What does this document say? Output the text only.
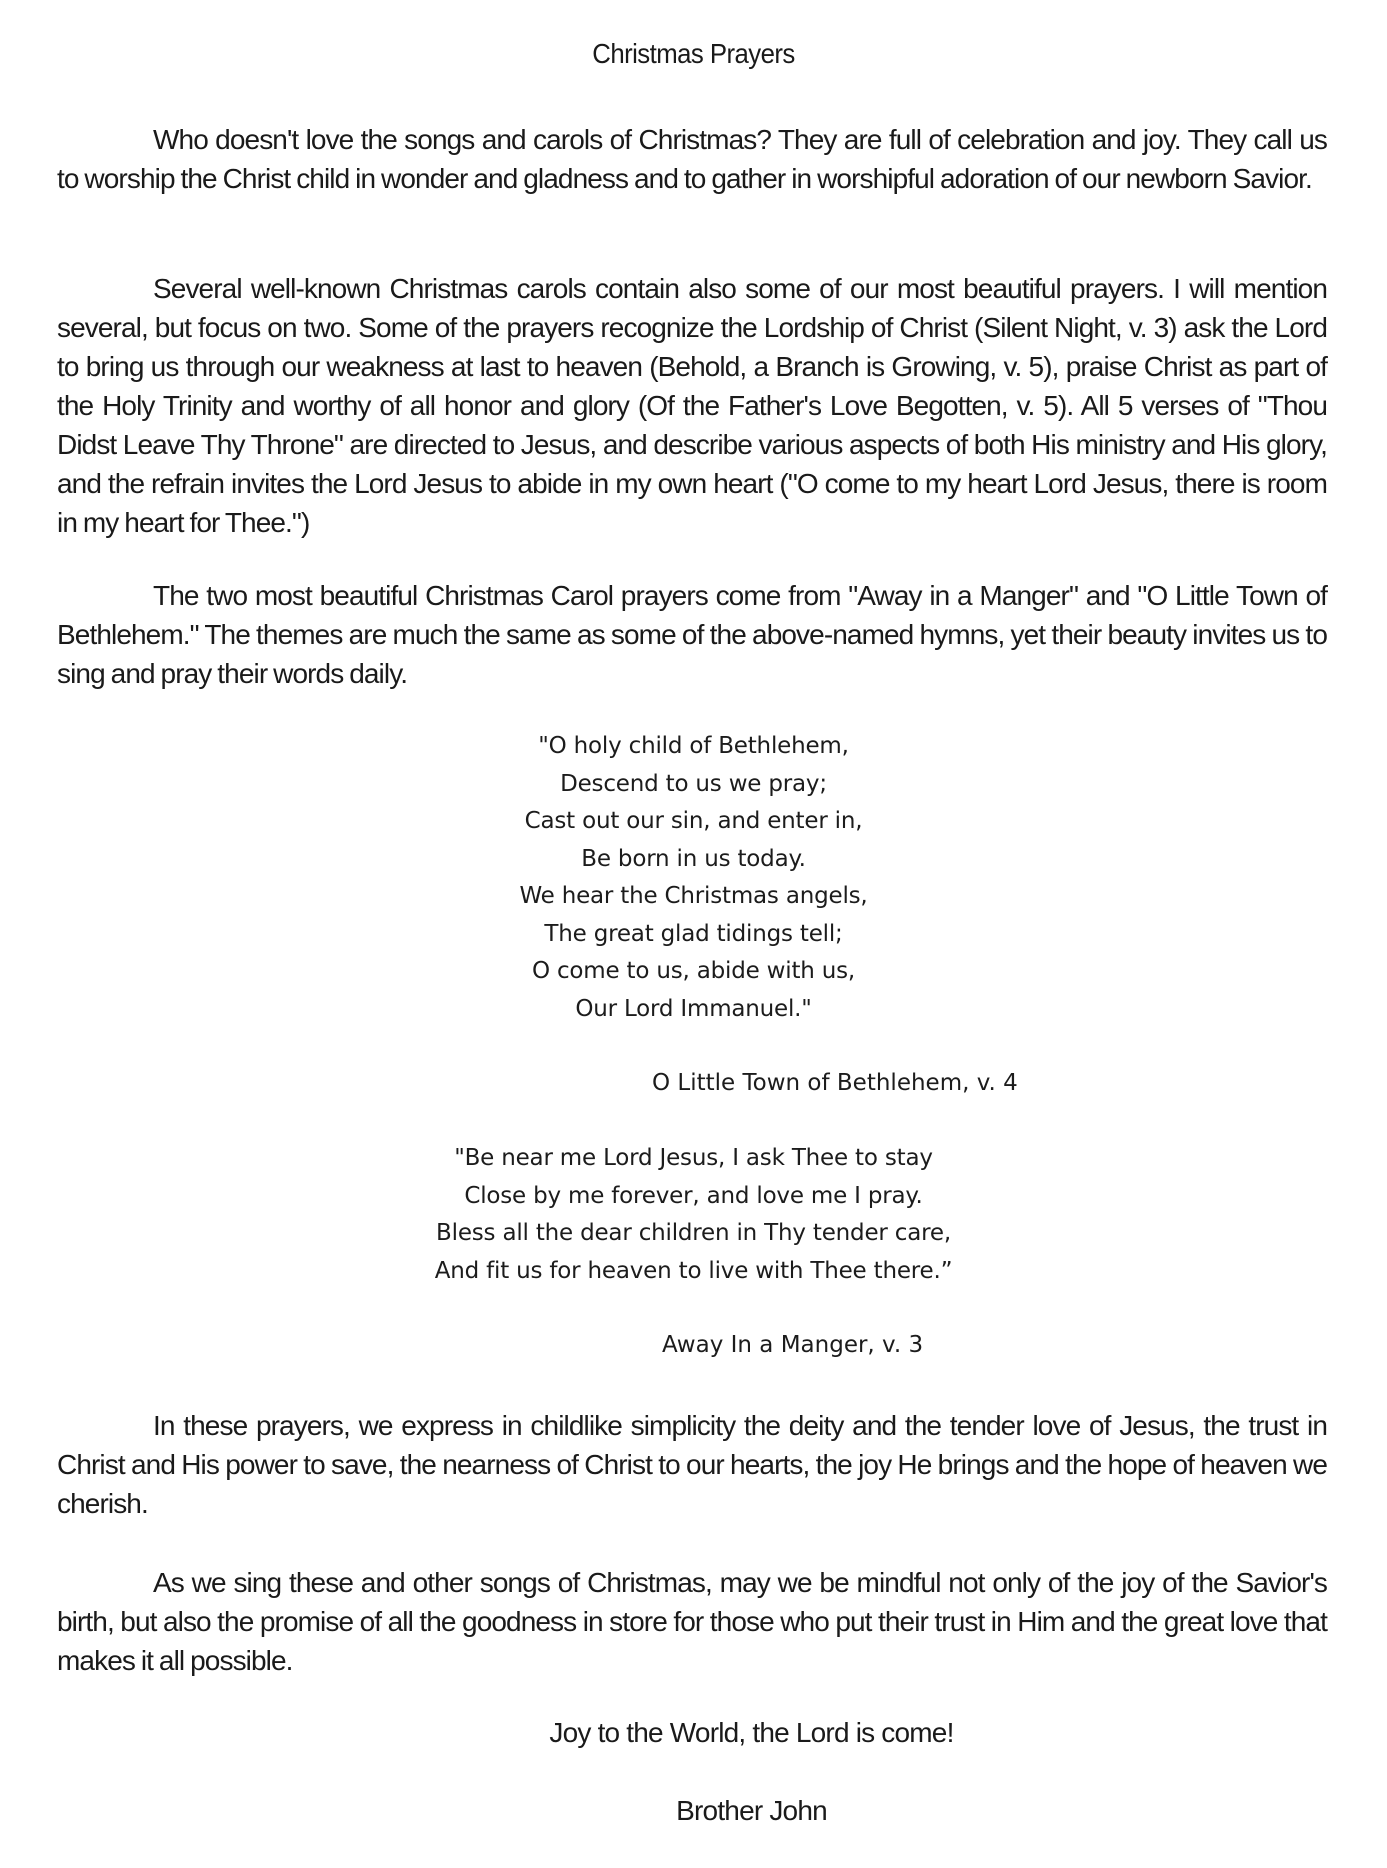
Christmas Prayers

Who doesn't love the songs and carols of Christmas? They are full of celebration and joy. They call us to worship the Christ child in wonder and gladness and to gather in worshipful adoration of our newborn Savior.

Several well-known Christmas carols contain also some of our most beautiful prayers. I will mention several, but focus on two. Some of the prayers recognize the Lordship of Christ (Silent Night, v. 3) ask the Lord to bring us through our weakness at last to heaven (Behold, a Branch is Growing, v. 5), praise Christ as part of the Holy Trinity and worthy of all honor and glory (Of the Father's Love Begotten, v. 5). All 5 verses of "Thou Didst Leave Thy Throne" are directed to Jesus, and describe various aspects of both His ministry and His glory, and the refrain invites the Lord Jesus to abide in my own heart ("O come to my heart Lord Jesus, there is room in my heart for Thee.")

The two most beautiful Christmas Carol prayers come from "Away in a Manger" and "O Little Town of Bethlehem." The themes are much the same as some of the above-named hymns, yet their beauty invites us to sing and pray their words daily.

"O holy child of Bethlehem,
Descend to us we pray;
Cast out our sin, and enter in,
Be born in us today.
We hear the Christmas angels,
The great glad tidings tell;
O come to us, abide with us,
Our Lord Immanuel."
O Little Town of Bethlehem, v. 4
"Be near me Lord Jesus, I ask Thee to stay
Close by me forever, and love me I pray.
Bless all the dear children in Thy tender care,
And fit us for heaven to live with Thee there.”
Away In a Manger, v. 3

In these prayers, we express in childlike simplicity the deity and the tender love of Jesus, the trust in Christ and His power to save, the nearness of Christ to our hearts, the joy He brings and the hope of heaven we cherish.

As we sing these and other songs of Christmas, may we be mindful not only of the joy of the Savior's birth, but also the promise of all the goodness in store for those who put their trust in Him and the great love that makes it all possible.

Joy to the World, the Lord is come!
Brother John
